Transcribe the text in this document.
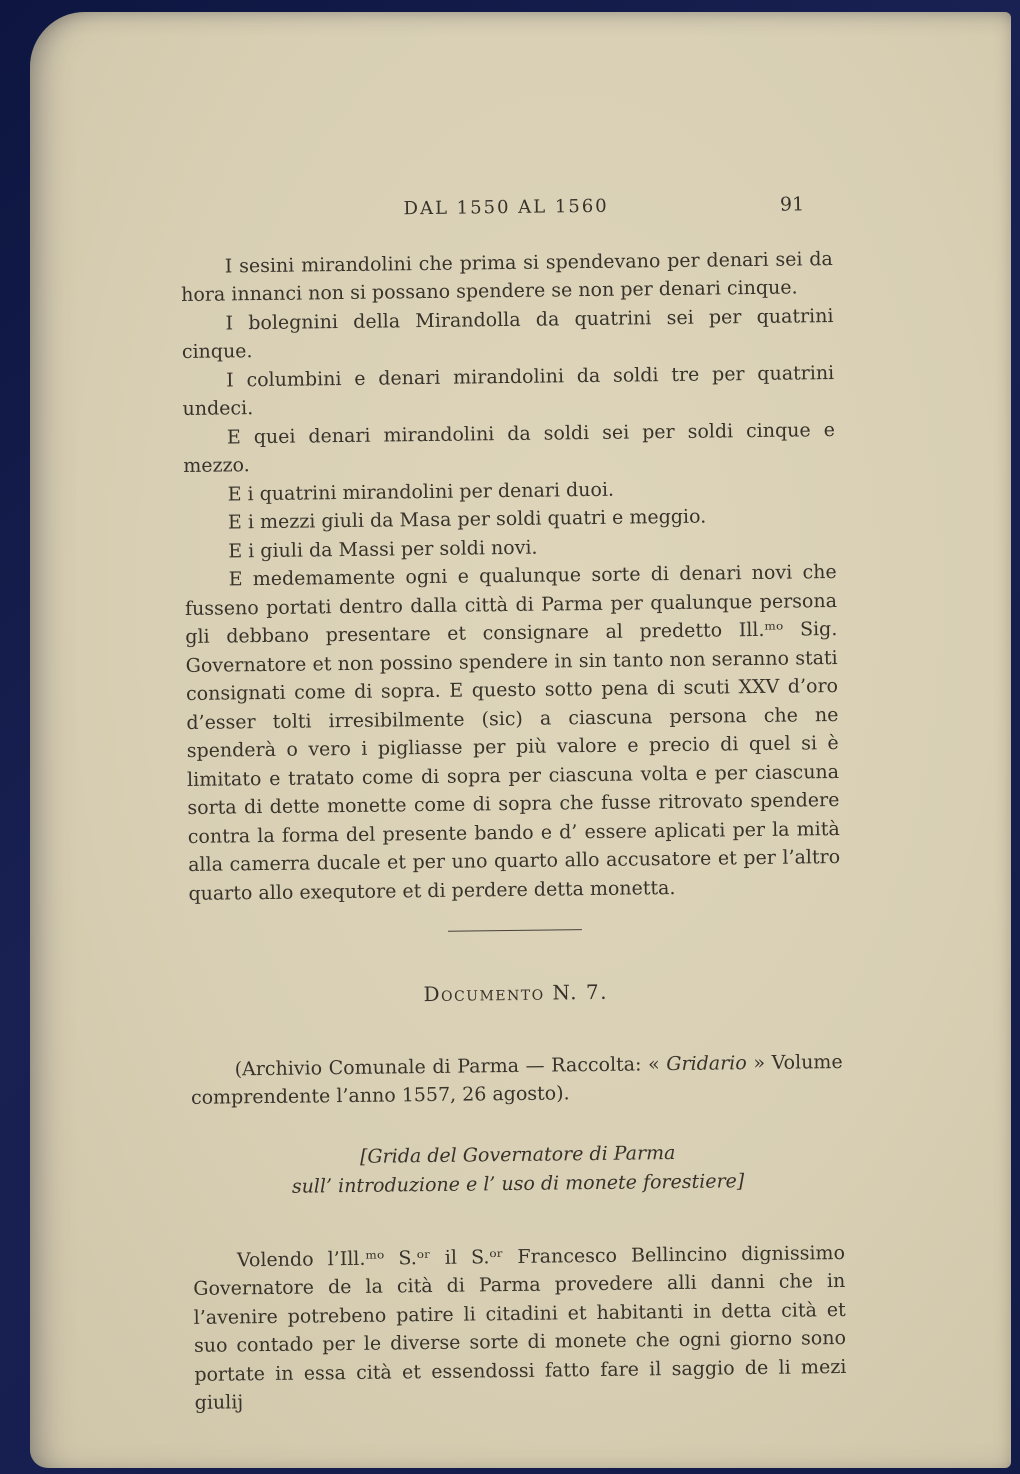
DAL 1550 AL 1560	91

I sesini mirandolini che prima si spendevano per denari sei da hora innanci non si possano spendere se non per denari cinque.

I bolegnini della Mirandolla da quatrini sei per quatrini cinque.

I columbini e denari mirandolini da soldi tre per quatrini undeci.

E quei denari mirandolini da soldi sei per soldi cinque e mezzo.

E i quatrini mirandolini per denari duoi.

E i mezzi giuli da Masa per soldi quatri e meggio.

E i giuli da Massi per soldi novi.

E medemamente ogni e qualunque sorte di denari novi che fusseno portati dentro dalla città di Parma per qualunque persona gli debbano presentare et consignare al predetto Ill.ᵐᵒ Sig. Governatore et non possino spendere in sin tanto non seranno stati consignati come di sopra. E questo sotto pena di scuti XXV d’oro d’esser tolti irresibilmente (sic) a ciascuna persona che ne spenderà o vero i pigliasse per più valore e precio di quel si è limitato e tratato come di sopra per ciascuna volta e per ciascuna sorta di dette monette come di sopra che fusse ritrovato spendere contra la forma del presente bando e d’ essere aplicati per la mità alla camerra ducale et per uno quarto allo accusatore et per l’altro quarto allo exequtore et di perdere detta monetta.

Documento N. 7.

(Archivio Comunale di Parma — Raccolta: « Gridario » Volume comprendente l’anno 1557, 26 agosto).

[Grida del Governatore di Parma
sull’ introduzione e l’ uso di monete forestiere]

Volendo l’Ill.ᵐᵒ S.ᵒʳ il S.ᵒʳ Francesco Bellincino dignissimo Governatore de la cità di Parma provedere alli danni che in l’avenire potrebeno patire li citadini et habitanti in detta cità et suo contado per le diverse sorte di monete che ogni giorno sono portate in essa cità et essendossi fatto fare il saggio de li mezi giulij
